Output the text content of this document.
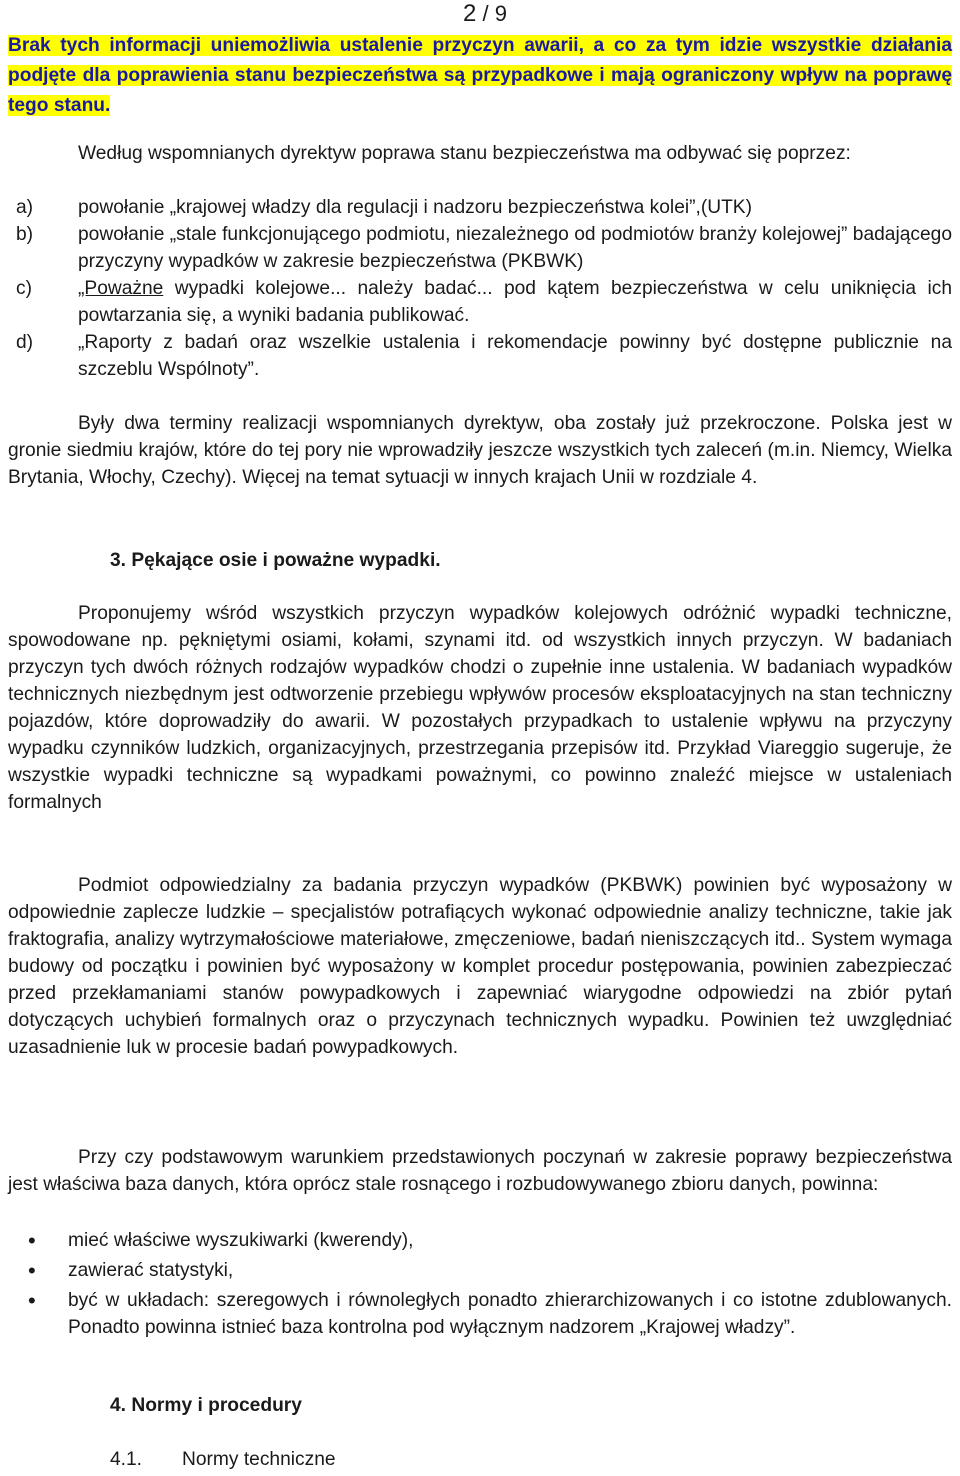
2 / 9

Brak tych informacji uniemożliwia ustalenie przyczyn awarii, a co za tym idzie wszystkie działania podjęte dla poprawienia stanu bezpieczeństwa są przypadkowe i mają ograniczony wpływ na poprawę tego stanu.

Według wspomnianych dyrektyw poprawa stanu bezpieczeństwa ma odbywać się poprzez:

a) powołanie „krajowej władzy dla regulacji i nadzoru bezpieczeństwa kolei”,(UTK)
b) powołanie „stale funkcjonującego podmiotu, niezależnego od podmiotów branży kolejowej” badającego przyczyny wypadków w zakresie bezpieczeństwa (PKBWK)
c) „Poważne wypadki kolejowe... należy badać... pod kątem bezpieczeństwa w celu uniknięcia ich powtarzania się, a wyniki badania publikować.
d) „Raporty z badań oraz wszelkie ustalenia i rekomendacje powinny być dostępne publicznie na szczeblu Wspólnoty”.

Były dwa terminy realizacji wspomnianych dyrektyw, oba zostały już przekroczone. Polska jest w gronie siedmiu krajów, które do tej pory nie wprowadziły jeszcze wszystkich tych zaleceń (m.in. Niemcy, Wielka Brytania, Włochy, Czechy). Więcej na temat sytuacji w innych krajach Unii w rozdziale 4.

3. Pękające osie i poważne wypadki.

Proponujemy wśród wszystkich przyczyn wypadków kolejowych odróżnić wypadki techniczne, spowodowane np. pękniętymi osiami, kołami, szynami itd. od wszystkich innych przyczyn. W badaniach przyczyn tych dwóch różnych rodzajów wypadków chodzi o zupełnie inne ustalenia. W badaniach wypadków technicznych niezbędnym jest odtworzenie przebiegu wpływów procesów eksploatacyjnych na stan techniczny pojazdów, które doprowadziły do awarii. W pozostałych przypadkach to ustalenie wpływu na przyczyny wypadku czynników ludzkich, organizacyjnych, przestrzegania przepisów itd. Przykład Viareggio sugeruje, że wszystkie wypadki techniczne są wypadkami poważnymi, co powinno znaleźć miejsce w ustaleniach formalnych

Podmiot odpowiedzialny za badania przyczyn wypadków (PKBWK) powinien być wyposażony w odpowiednie zaplecze ludzkie – specjalistów potrafiących wykonać odpowiednie analizy techniczne, takie jak fraktografia, analizy wytrzymałościowe materiałowe, zmęczeniowe, badań nieniszczących itd.. System wymaga budowy od początku i powinien być wyposażony w komplet procedur postępowania, powinien zabezpieczać przed przekłamaniami stanów powypadkowych i zapewniać wiarygodne odpowiedzi na zbiór pytań dotyczących uchybień formalnych oraz o przyczynach technicznych wypadku. Powinien też uwzględniać uzasadnienie luk w procesie badań powypadkowych.

Przy czy podstawowym warunkiem przedstawionych poczynań w zakresie poprawy bezpieczeństwa jest właściwa baza danych, która oprócz stale rosnącego i rozbudowywanego zbioru danych, powinna:

• mieć właściwe wyszukiwarki (kwerendy),
• zawierać statystyki,
• być w układach: szeregowych i równoległych ponadto zhierarchizowanych i co istotne zdublowanych. Ponadto powinna istnieć baza kontrolna pod wyłącznym nadzorem „Krajowej władzy”.
4. Normy i procedury
4.1. Normy techniczne
